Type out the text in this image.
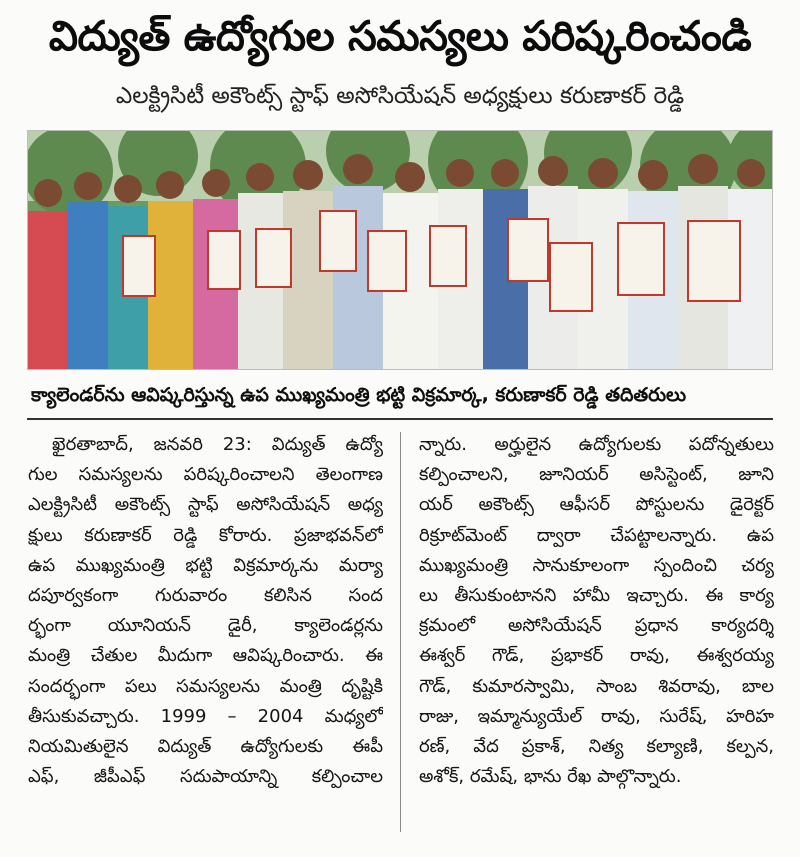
విద్యుత్ ఉద్యోగుల సమస్యలు పరిష్కరించండి
ఎలక్ట్రిసిటీ అకౌంట్స్ స్టాఫ్ అసోసియేషన్ అధ్యక్షులు కరుణాకర్ రెడ్డి
క్యాలెండర్‌ను ఆవిష్కరిస్తున్న ఉప ముఖ్యమంత్రి భట్టి విక్రమార్క, కరుణాకర్ రెడ్డి తదితరులు
ఖైరతాబాద్, జనవరి 23: విద్యుత్ ఉద్యో
గుల సమస్యలను పరిష్కరించాలని తెలంగాణ
ఎలక్ట్రిసిటీ అకౌంట్స్ స్టాఫ్ అసోసియేషన్ అధ్య
క్షులు కరుణాకర్ రెడ్డి కోరారు. ప్రజాభవన్‌లో
ఉప ముఖ్యమంత్రి భట్టి విక్రమార్కను మర్యా
దపూర్వకంగా గురువారం కలిసిన సంద
ర్భంగా యూనియన్ డైరీ, క్యాలెండర్లను
మంత్రి చేతుల మీదుగా ఆవిష్కరించారు. ఈ
సందర్భంగా పలు సమస్యలను మంత్రి దృష్టికి
తీసుకువచ్చారు. 1999 – 2004 మధ్యలో
నియమితులైన విద్యుత్ ఉద్యోగులకు ఈపీ
ఎఫ్, జీపీఎఫ్ సదుపాయాన్ని కల్పించాల
న్నారు. అర్హులైన ఉద్యోగులకు పదోన్నతులు
కల్పించాలని, జూనియర్ అసిస్టెంట్, జూని
యర్ అకౌంట్స్ ఆఫీసర్ పోస్టులను డైరెక్టర్
రిక్రూట్‌మెంట్ ద్వారా చేపట్టాలన్నారు. ఉప
ముఖ్యమంత్రి సానుకూలంగా స్పందించి చర్య
లు తీసుకుంటానని హామీ ఇచ్చారు. ఈ కార్య
క్రమంలో అసోసియేషన్ ప్రధాన కార్యదర్శి
ఈశ్వర్ గౌడ్, ప్రభాకర్ రావు, ఈశ్వరయ్య
గౌడ్, కుమారస్వామి, సాంబ శివరావు, బాల
రాజు, ఇమ్మాన్యుయేల్ రావు, సురేష్, హరిహ
రణ్, వేద ప్రకాశ్, నిత్య కల్యాణి, కల్పన,
అశోక్, రమేష్, భాను రేఖ పాల్గొన్నారు.
